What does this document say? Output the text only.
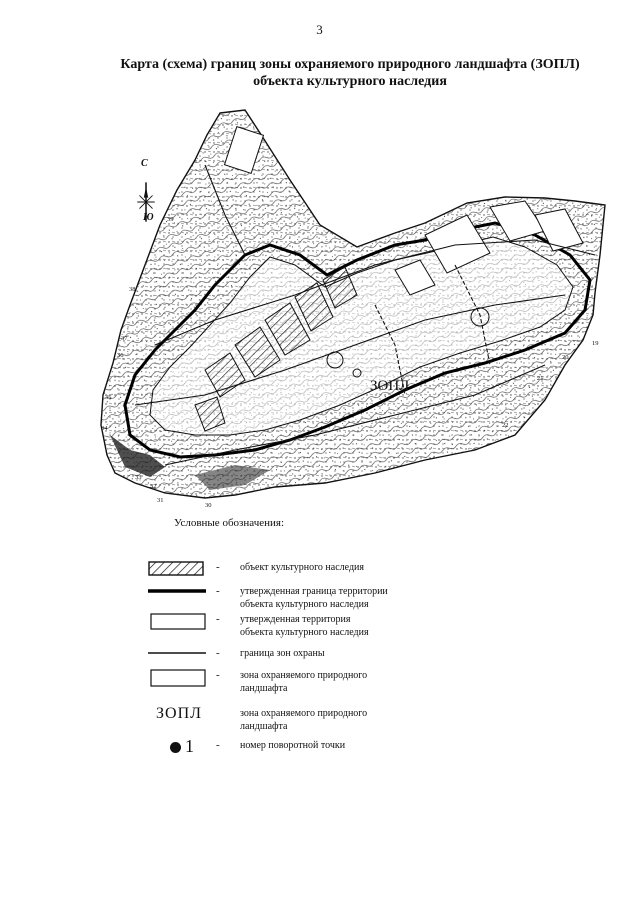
3
Карта (схема) границ зоны охраняемого природного ландшафта (ЗОПЛ)
объекта культурного наследия
С
Ю
ЗОПЛ
19
20
21
22
30
31
32
33
34
35
36
37
38
39
Условные обозначения:
- объект культурного наследия
- утвержденная граница территории
объекта культурного наследия
- утвержденная территория
объекта культурного наследия
- граница зон охраны
- зона охраняемого природного
ландшафта
ЗОПЛ	зона охраняемого природного
ландшафта
1 - номер поворотной точки
